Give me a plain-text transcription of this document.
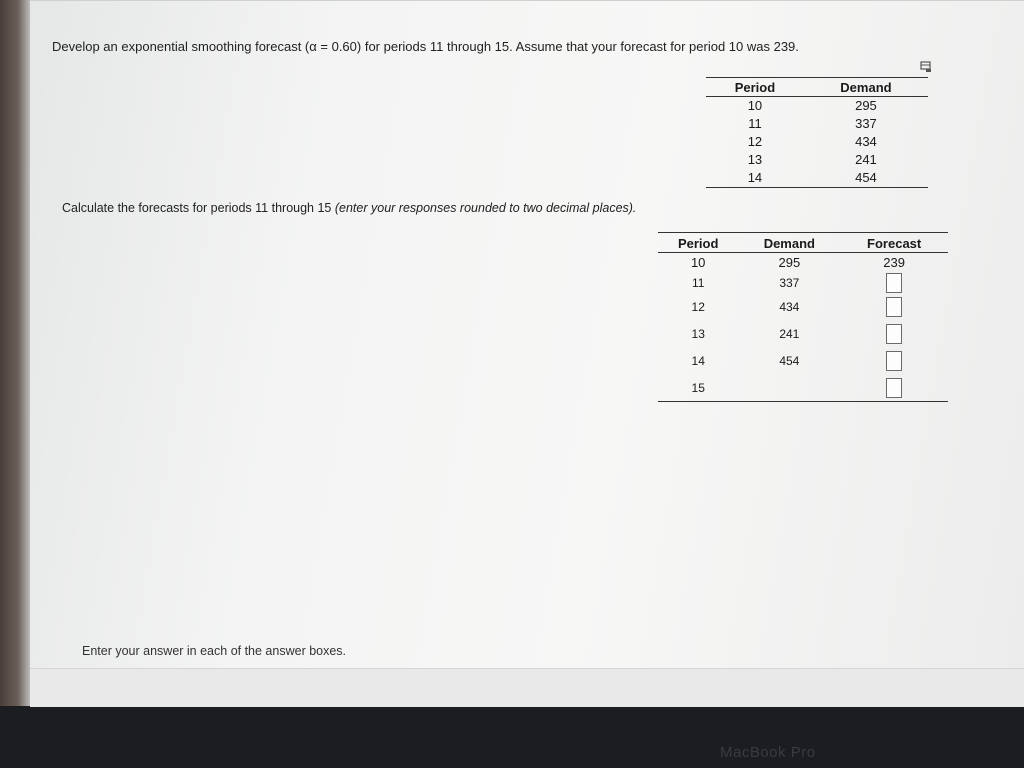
Develop an exponential smoothing forecast (α = 0.60) for periods 11 through 15. Assume that your forecast for period 10 was 239.
Period	Demand
10	295
11	337
12	434
13	241
14	454
Calculate the forecasts for periods 11 through 15 (enter your responses rounded to two decimal places).
Period	Demand	Forecast
10	295	239
11	337	
12	434	
13	241	
14	454	
15		
Enter your answer in each of the answer boxes.
MacBook Pro
